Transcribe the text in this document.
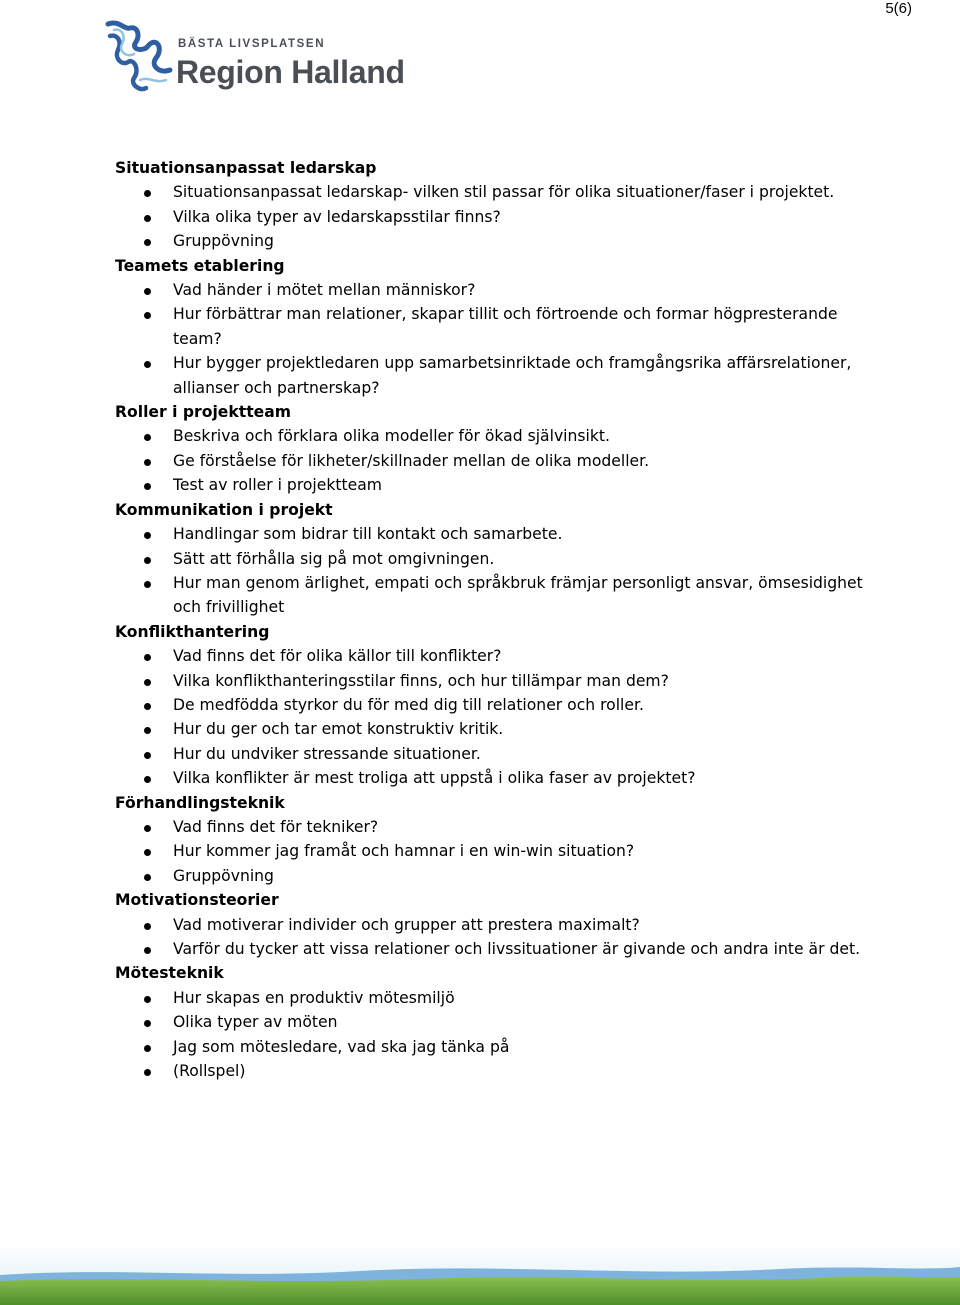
5(6)
BÄSTA LIVSPLATSEN
Region Halland

Situationsanpassat ledarskap

Situationsanpassat ledarskap- vilken stil passar för olika situationer/faser i projektet.
Vilka olika typer av ledarskapsstilar finns?
Gruppövning

Teamets etablering

Vad händer i mötet mellan människor?
Hur förbättrar man relationer, skapar tillit och förtroende och formar högpresterande team?
Hur bygger projektledaren upp samarbetsinriktade och framgångsrika affärsrelationer, allianser och partnerskap?

Roller i projektteam

Beskriva och förklara olika modeller för ökad självinsikt.
Ge förståelse för likheter/skillnader mellan de olika modeller.
Test av roller i projektteam

Kommunikation i projekt

Handlingar som bidrar till kontakt och samarbete.
Sätt att förhålla sig på mot omgivningen.
Hur man genom ärlighet, empati och språkbruk främjar personligt ansvar, ömsesidighet och frivillighet

Konflikthantering

Vad finns det för olika källor till konflikter?
Vilka konflikthanteringsstilar finns, och hur tillämpar man dem?
De medfödda styrkor du för med dig till relationer och roller.
Hur du ger och tar emot konstruktiv kritik.
Hur du undviker stressande situationer.
Vilka konflikter är mest troliga att uppstå i olika faser av projektet?

Förhandlingsteknik

Vad finns det för tekniker?
Hur kommer jag framåt och hamnar i en win-win situation?
Gruppövning

Motivationsteorier

Vad motiverar individer och grupper att prestera maximalt?
Varför du tycker att vissa relationer och livssituationer är givande och andra inte är det.

Mötesteknik

Hur skapas en produktiv mötesmiljö
Olika typer av möten
Jag som mötesledare, vad ska jag tänka på
(Rollspel)
